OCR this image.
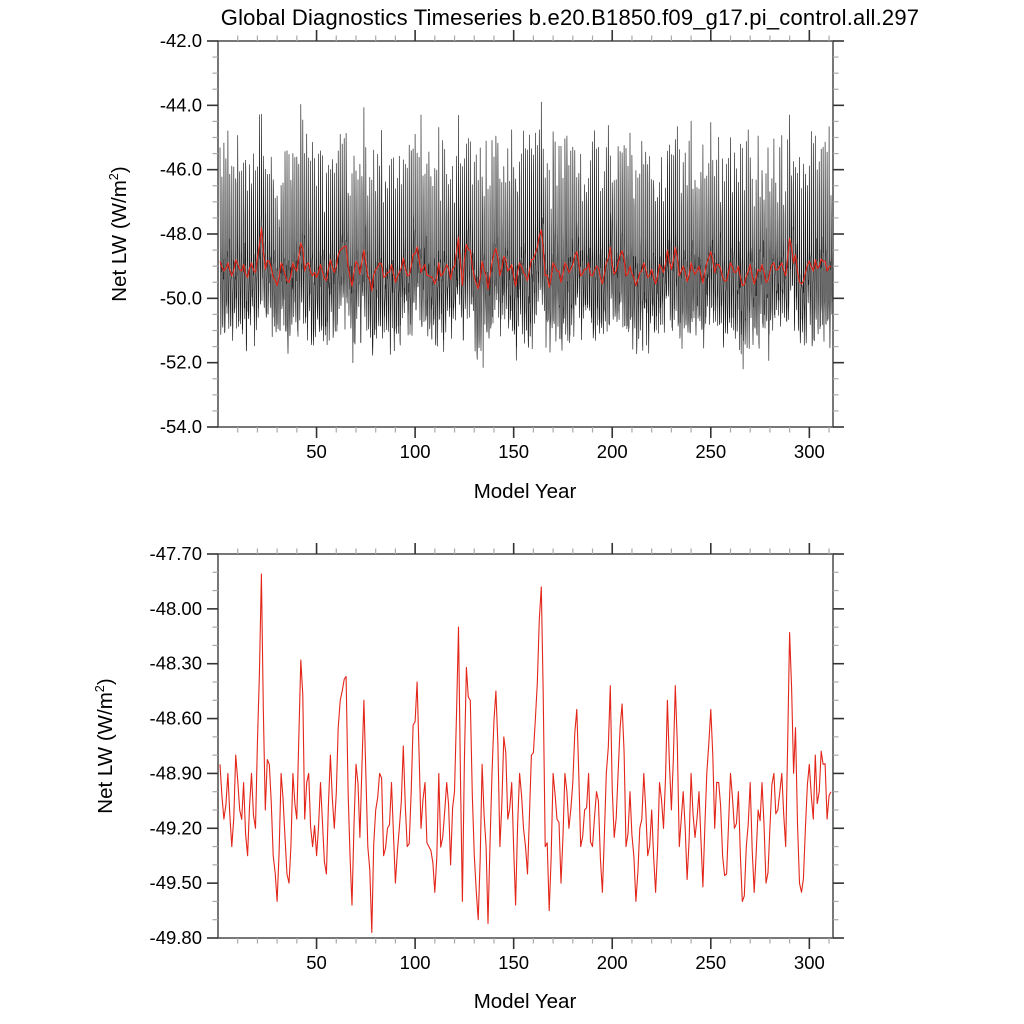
Global Diagnostics Timeseries b.e20.B1850.f09_g17.pi_control.all.297
Net LW $(W/m^2)$
Net LW $(W/m^2)$
Model Year
Model Year
50	100	150	200	250	300
-42.0
-44.0
-46.0
-48.0
-50.0
-52.0
-54.0
50	100	150	200	250	300
-47.70
-48.00
-48.30
-48.60
-48.90
-49.20
-49.50
-49.80
